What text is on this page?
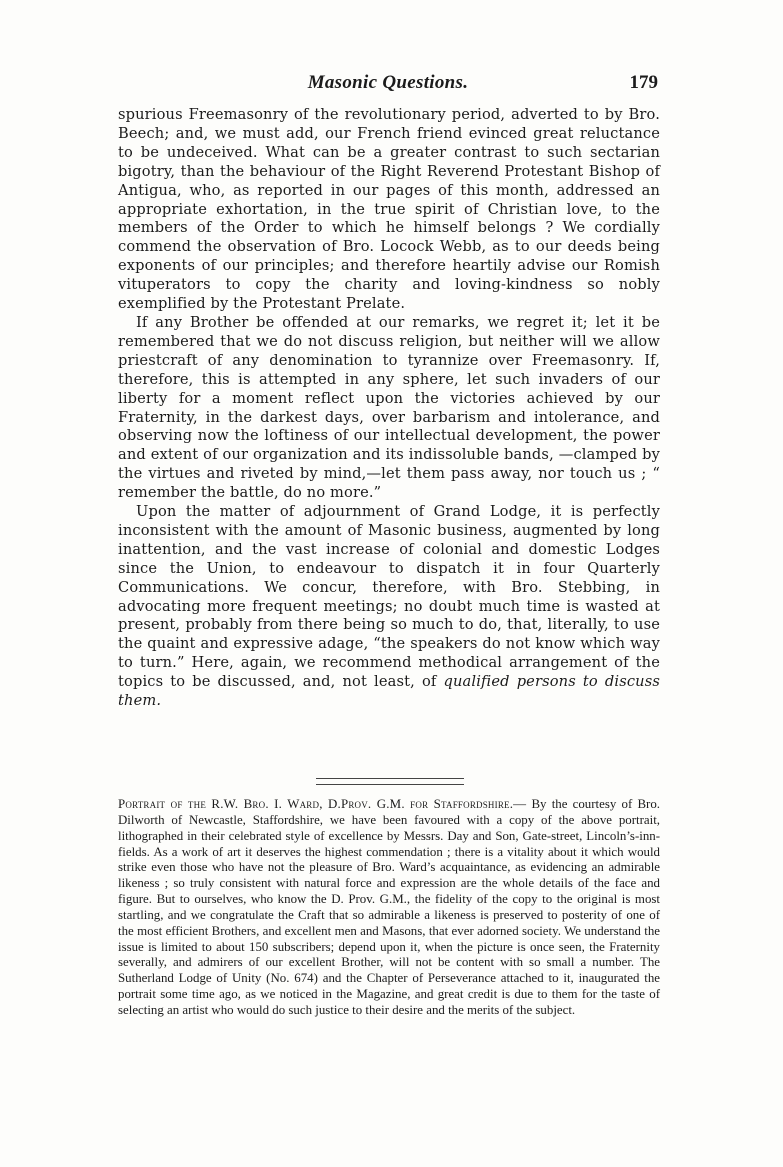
Masonic Questions.	179

spurious Freemasonry of the revolutionary period, adverted to by Bro. Beech; and, we must add, our French friend evinced great reluctance to be undeceived. What can be a greater contrast to such sectarian bigotry, than the behaviour of the Right Reverend Protestant Bishop of Antigua, who, as reported in our pages of this month, addressed an appropriate exhortation, in the true spirit of Christian love, to the members of the Order to which he himself belongs ? We cordially commend the observation of Bro. Locock Webb, as to our deeds being exponents of our principles; and therefore heartily advise our Romish vituperators to copy the charity and loving-kindness so nobly exemplified by the Protestant Prelate.

If any Brother be offended at our remarks, we regret it; let it be remembered that we do not discuss religion, but neither will we allow priestcraft of any denomination to tyrannize over Freemasonry. If, therefore, this is attempted in any sphere, let such invaders of our liberty for a moment reflect upon the victories achieved by our Fraternity, in the darkest days, over barbarism and intolerance, and observing now the loftiness of our intellectual development, the power and extent of our organization and its indissoluble bands, —clamped by the virtues and riveted by mind,—let them pass away, nor touch us ; “ remember the battle, do no more.”

Upon the matter of adjournment of Grand Lodge, it is perfectly inconsistent with the amount of Masonic business, augmented by long inattention, and the vast increase of colonial and domestic Lodges since the Union, to endeavour to dispatch it in four Quarterly Communications. We concur, therefore, with Bro. Stebbing, in advocating more frequent meetings; no doubt much time is wasted at present, probably from there being so much to do, that, literally, to use the quaint and expressive adage, “the speakers do not know which way to turn.” Here, again, we recommend methodical arrangement of the topics to be discussed, and, not least, of qualified persons to discuss them.

Portrait of the R.W. Bro. I. Ward, D.Prov. G.M. for Staffordshire.— By the courtesy of Bro. Dilworth of Newcastle, Staffordshire, we have been favoured with a copy of the above portrait, lithographed in their celebrated style of excellence by Messrs. Day and Son, Gate-street, Lincoln’s-inn-fields. As a work of art it deserves the highest commendation ; there is a vitality about it which would strike even those who have not the pleasure of Bro. Ward’s acquaintance, as evidencing an admirable likeness ; so truly consistent with natural force and expression are the whole details of the face and figure. But to ourselves, who know the D. Prov. G.M., the fidelity of the copy to the original is most startling, and we congratulate the Craft that so admirable a likeness is preserved to posterity of one of the most efficient Brothers, and excellent men and Masons, that ever adorned society. We understand the issue is limited to about 150 subscribers; depend upon it, when the picture is once seen, the Fraternity severally, and admirers of our excellent Brother, will not be content with so small a number. The Sutherland Lodge of Unity (No. 674) and the Chapter of Perseverance attached to it, inaugurated the portrait some time ago, as we noticed in the Magazine, and great credit is due to them for the taste of selecting an artist who would do such justice to their desire and the merits of the subject.
